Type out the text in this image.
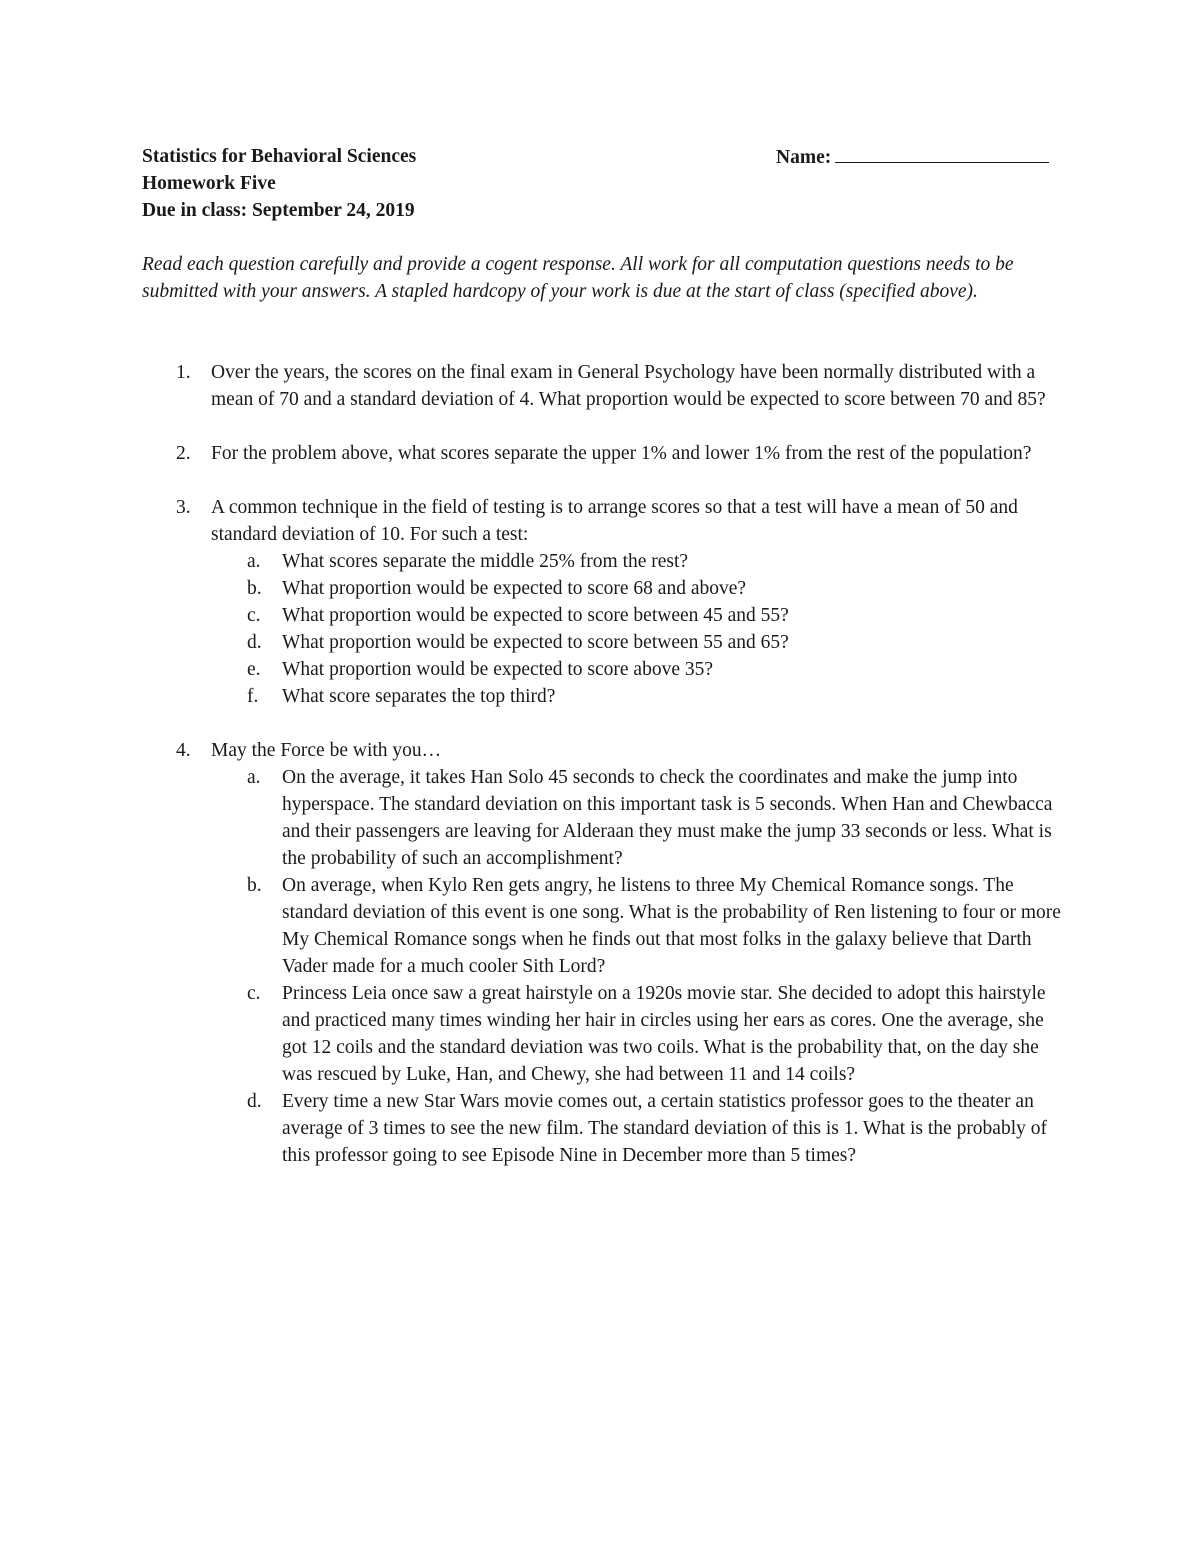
Statistics for Behavioral Sciences
Homework Five
Due in class: September 24, 2019
Name:
Read each question carefully and provide a cogent response. All work for all computation questions needs to be submitted with your answers. A stapled hardcopy of your work is due at the start of class (specified above).
1. Over the years, the scores on the final exam in General Psychology have been normally distributed with a mean of 70 and a standard deviation of 4. What proportion would be expected to score between 70 and 85?
2. For the problem above, what scores separate the upper 1% and lower 1% from the rest of the population?
3. A common technique in the field of testing is to arrange scores so that a test will have a mean of 50 and standard deviation of 10. For such a test:
a. What scores separate the middle 25% from the rest?
b. What proportion would be expected to score 68 and above?
c. What proportion would be expected to score between 45 and 55?
d. What proportion would be expected to score between 55 and 65?
e. What proportion would be expected to score above 35?
f. What score separates the top third?
4. May the Force be with you…
a. On the average, it takes Han Solo 45 seconds to check the coordinates and make the jump into hyperspace. The standard deviation on this important task is 5 seconds. When Han and Chewbacca and their passengers are leaving for Alderaan they must make the jump 33 seconds or less. What is the probability of such an accomplishment?
b. On average, when Kylo Ren gets angry, he listens to three My Chemical Romance songs. The standard deviation of this event is one song. What is the probability of Ren listening to four or more My Chemical Romance songs when he finds out that most folks in the galaxy believe that Darth Vader made for a much cooler Sith Lord?
c. Princess Leia once saw a great hairstyle on a 1920s movie star. She decided to adopt this hairstyle and practiced many times winding her hair in circles using her ears as cores. One the average, she got 12 coils and the standard deviation was two coils. What is the probability that, on the day she was rescued by Luke, Han, and Chewy, she had between 11 and 14 coils?
d. Every time a new Star Wars movie comes out, a certain statistics professor goes to the theater an average of 3 times to see the new film. The standard deviation of this is 1. What is the probably of this professor going to see Episode Nine in December more than 5 times?
